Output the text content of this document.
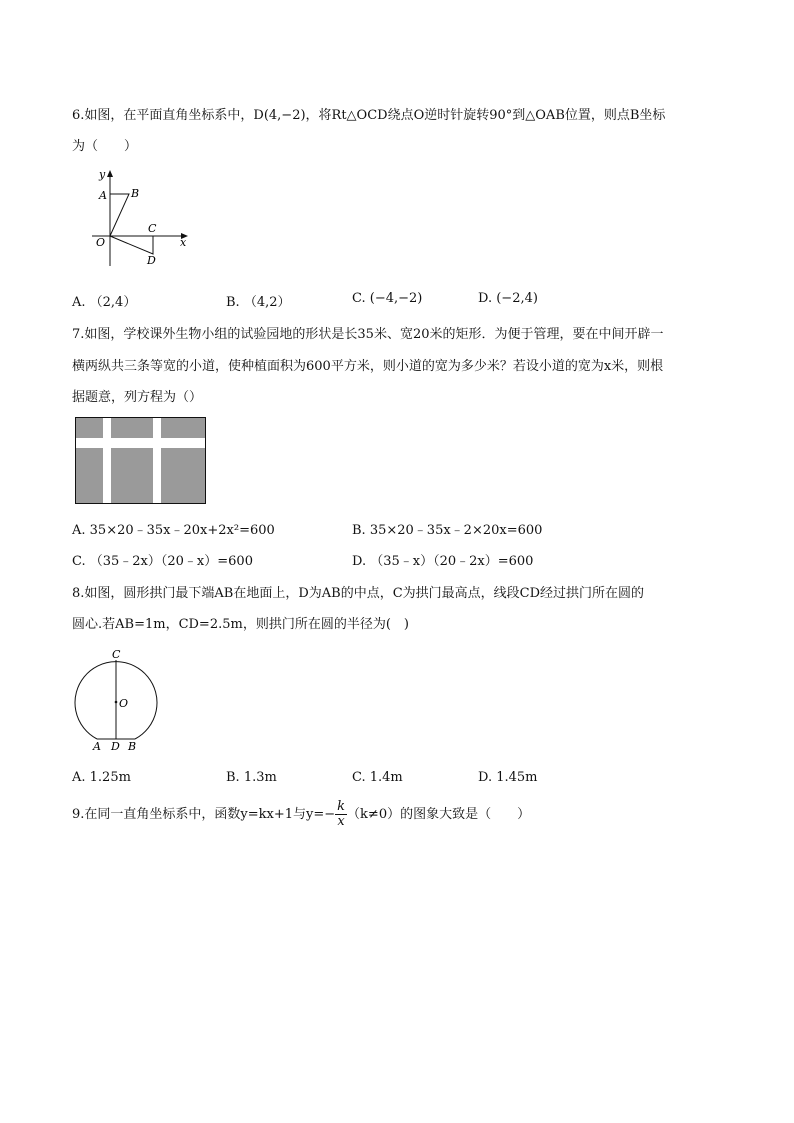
6.如图，在平面直角坐标系中，D(4,−2)，将Rt△OCD绕点O逆时针旋转90°到△OAB位置，则点B坐标
为（　　）
y
x
A B
O
C
D
A. （2,4）	B. （4,2）	C. (−4,−2)	D. (−2,4)
7.如图，学校课外生物小组的试验园地的形状是长35米、宽20米的矩形．为便于管理，要在中间开辟一
横两纵共三条等宽的小道，使种植面积为600平方米，则小道的宽为多少米？若设小道的宽为x米，则根
据题意，列方程为（）
A. 35×20﹣35x﹣20x+2x²=600	B. 35×20﹣35x﹣2×20x=600
C. （35﹣2x）（20﹣x）=600	D. （35﹣x）（20﹣2x）=600
8.如图，圆形拱门最下端AB在地面上，D为AB的中点，C为拱门最高点，线段CD经过拱门所在圆的
圆心.若AB=1m，CD=2.5m，则拱门所在圆的半径为(　)
C
O
A D B
A. 1.25m	B. 1.3m	C. 1.4m	D. 1.45m
9.在同一直角坐标系中，函数y=kx+1与$y=- \frac{k}{x} (k\ne 0)$的图象大致是（　　）
